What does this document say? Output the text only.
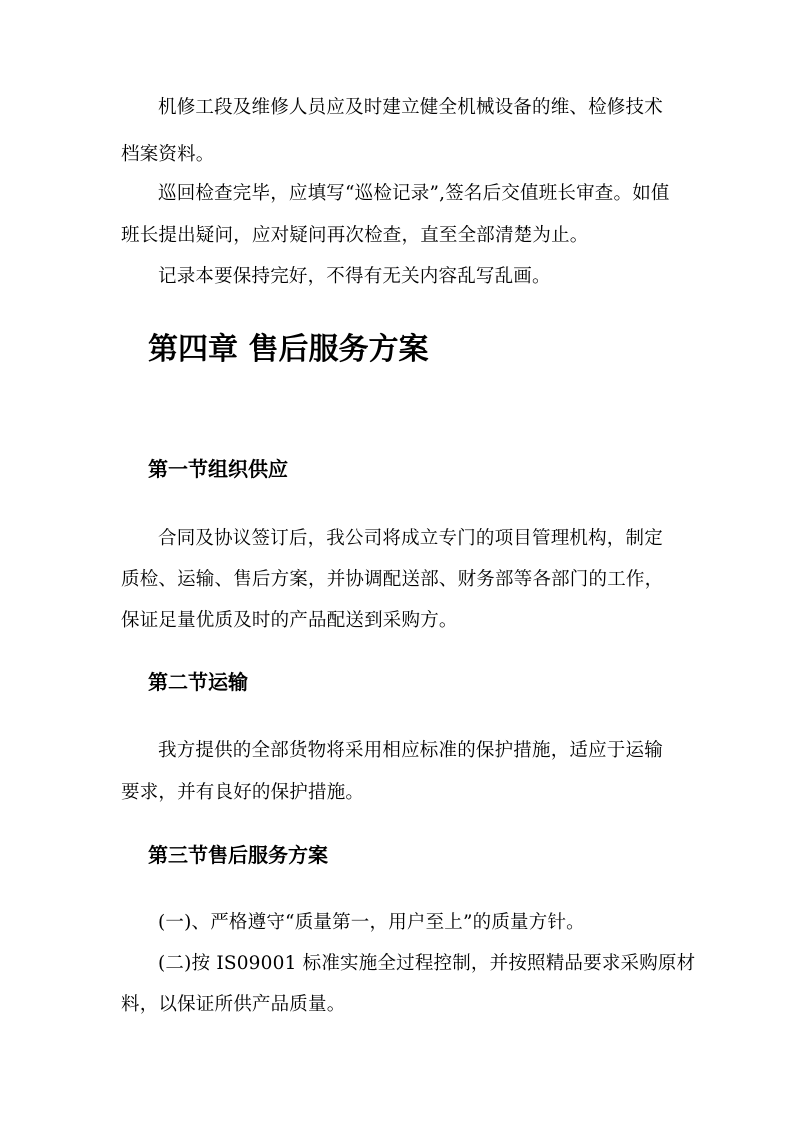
机修工段及维修人员应及时建立健全机械设备的维、检修技术

档案资料。

巡回检查完毕，应填写“巡检记录”,签名后交值班长审查。如值

班长提出疑问，应对疑问再次检查，直至全部清楚为止。

记录本要保持完好，不得有无关内容乱写乱画。

第四章 售后服务方案
第一节组织供应

合同及协议签订后，我公司将成立专门的项目管理机构，制定

质检、运输、售后方案，并协调配送部、财务部等各部门的工作，

保证足量优质及时的产品配送到采购方。

第二节运输

我方提供的全部货物将采用相应标准的保护措施，适应于运输

要求，并有良好的保护措施。

第三节售后服务方案

(一)、严格遵守“质量第一，用户至上”的质量方针。

(二)按 IS09001 标准实施全过程控制，并按照精品要求采购原材

料，以保证所供产品质量。
